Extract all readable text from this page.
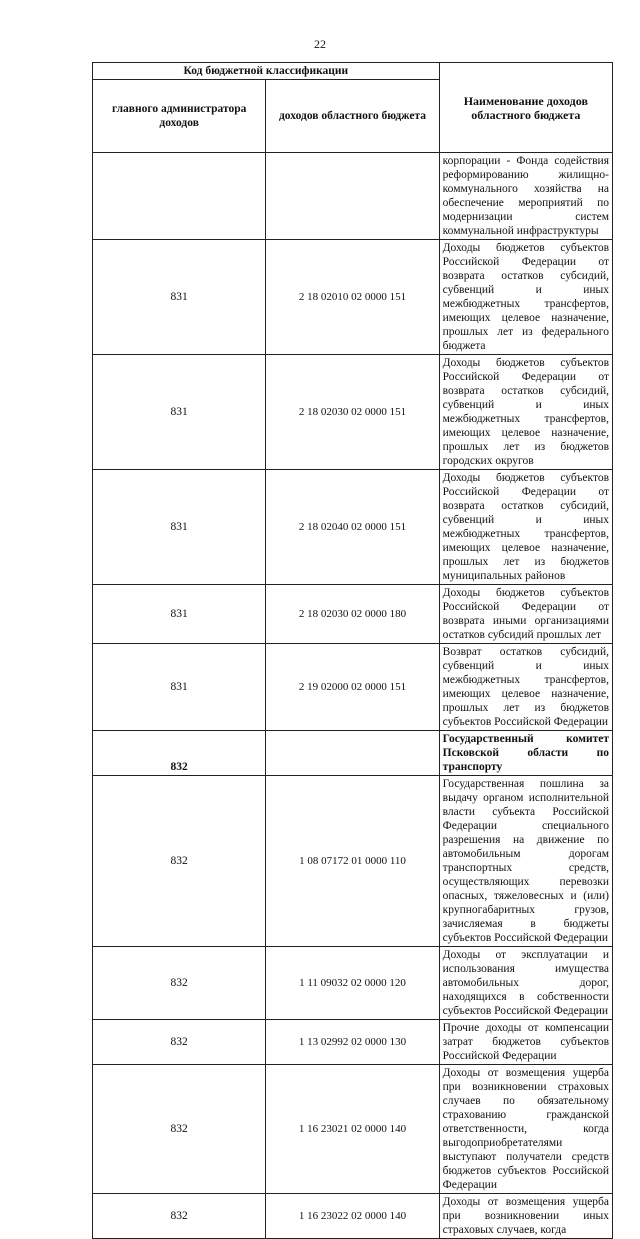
22
Код бюджетной классификации		Наименование доходов областного бюджета
главного администратора доходов	доходов областного бюджета	
		корпорации - Фонда содействия реформированию жилищно-коммунального хозяйства на обеспечение мероприятий по модернизации систем коммунальной инфраструктуры
831	2 18 02010 02 0000 151	Доходы бюджетов субъектов Российской Федерации от возврата остатков субсидий, субвенций и иных межбюджетных трансфертов, имеющих целевое назначение, прошлых лет из федерального бюджета
831	2 18 02030 02 0000 151	Доходы бюджетов субъектов Российской Федерации от возврата остатков субсидий, субвенций и иных межбюджетных трансфертов, имеющих целевое назначение, прошлых лет из бюджетов городских округов
831	2 18 02040 02 0000 151	Доходы бюджетов субъектов Российской Федерации от возврата остатков субсидий, субвенций и иных межбюджетных трансфертов, имеющих целевое назначение, прошлых лет из бюджетов муниципальных районов
831	2 18 02030 02 0000 180	Доходы бюджетов субъектов Российской Федерации от возврата иными организациями остатков субсидий прошлых лет
831	2 19 02000 02 0000 151	Возврат остатков субсидий, субвенций и иных межбюджетных трансфертов, имеющих целевое назначение, прошлых лет из бюджетов субъектов Российской Федерации
832		Государственный комитет Псковской области по транспорту
832	1 08 07172 01 0000 110	Государственная пошлина за выдачу органом исполнительной власти субъекта Российской Федерации специального разрешения на движение по автомобильным дорогам транспортных средств, осуществляющих перевозки опасных, тяжеловесных и (или) крупногабаритных грузов, зачисляемая в бюджеты субъектов Российской Федерации
832	1 11 09032 02 0000 120	Доходы от эксплуатации и использования имущества автомобильных дорог, находящихся в собственности субъектов Российской Федерации
832	1 13 02992 02 0000 130	Прочие доходы от компенсации затрат бюджетов субъектов Российской Федерации
832	1 16 23021 02 0000 140	Доходы от возмещения ущерба при возникновении страховых случаев по обязательному страхованию гражданской ответственности, когда выгодоприобретателями выступают получатели средств бюджетов субъектов Российской Федерации
832	1 16 23022 02 0000 140	Доходы от возмещения ущерба при возникновении иных страховых случаев, когда
